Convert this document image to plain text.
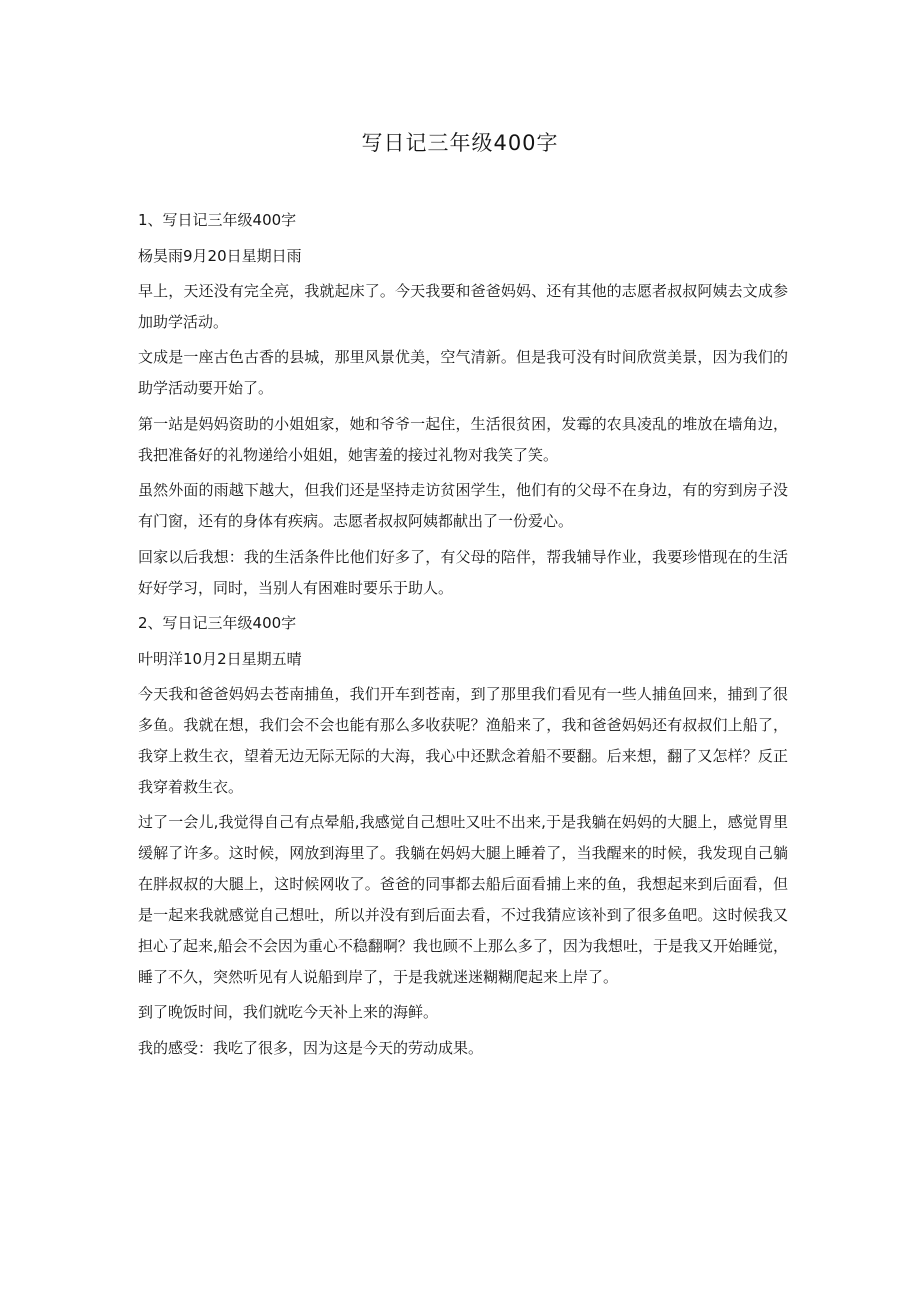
写日记三年级400字

1、写日记三年级400字

杨昊雨9月20日星期日雨

早上，天还没有完全亮，我就起床了。今天我要和爸爸妈妈、还有其他的志愿者叔叔阿姨去文成参加助学活动。

文成是一座古色古香的县城，那里风景优美，空气清新。但是我可没有时间欣赏美景，因为我们的助学活动要开始了。

第一站是妈妈资助的小姐姐家，她和爷爷一起住，生活很贫困，发霉的农具凌乱的堆放在墙角边，我把准备好的礼物递给小姐姐，她害羞的接过礼物对我笑了笑。

虽然外面的雨越下越大，但我们还是坚持走访贫困学生，他们有的父母不在身边，有的穷到房子没有门窗，还有的身体有疾病。志愿者叔叔阿姨都献出了一份爱心。

回家以后我想：我的生活条件比他们好多了，有父母的陪伴，帮我辅导作业，我要珍惜现在的生活好好学习，同时，当别人有困难时要乐于助人。

2、写日记三年级400字

叶明洋10月2日星期五晴

今天我和爸爸妈妈去苍南捕鱼，我们开车到苍南，到了那里我们看见有一些人捕鱼回来，捕到了很多鱼。我就在想，我们会不会也能有那么多收获呢？渔船来了，我和爸爸妈妈还有叔叔们上船了，我穿上救生衣，望着无边无际无际的大海，我心中还默念着船不要翻。后来想，翻了又怎样？反正我穿着救生衣。

过了一会儿,我觉得自己有点晕船,我感觉自己想吐又吐不出来,于是我躺在妈妈的大腿上，感觉胃里缓解了许多。这时候，网放到海里了。我躺在妈妈大腿上睡着了，当我醒来的时候，我发现自己躺在胖叔叔的大腿上，这时候网收了。爸爸的同事都去船后面看捕上来的鱼，我想起来到后面看，但是一起来我就感觉自己想吐，所以并没有到后面去看，不过我猜应该补到了很多鱼吧。这时候我又担心了起来,船会不会因为重心不稳翻啊？我也顾不上那么多了，因为我想吐，于是我又开始睡觉，睡了不久，突然听见有人说船到岸了，于是我就迷迷糊糊爬起来上岸了。

到了晚饭时间，我们就吃今天补上来的海鲜。

我的感受：我吃了很多，因为这是今天的劳动成果。
